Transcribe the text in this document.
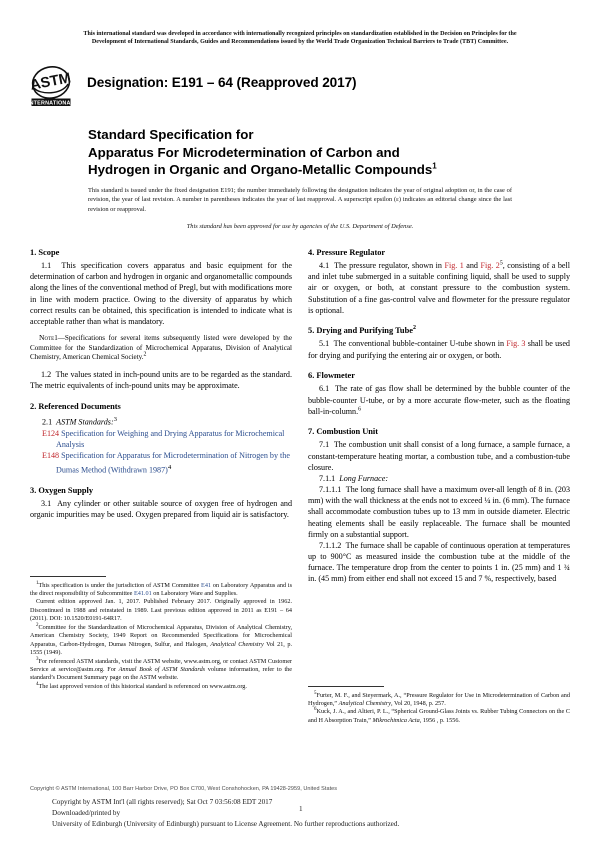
This international standard was developed in accordance with internationally recognized principles on standardization established in the Decision on Principles for the
Development of International Standards, Guides and Recommendations issued by the World Trade Organization Technical Barriers to Trade (TBT) Committee.
ASTM
INTERNATIONAL
Designation: E191 – 64 (Reapproved 2017)
Standard Specification for
Apparatus For Microdetermination of Carbon and
Hydrogen in Organic and Organo-Metallic Compounds$^1$
This standard is issued under the fixed designation E191; the number immediately following the designation indicates the year of original adoption or, in the case of revision, the year of last revision. A number in parentheses indicates the year of last reapproval. A superscript epsilon (ε) indicates an editorial change since the last revision or reapproval.
This standard has been approved for use by agencies of the U.S. Department of Defense.
1. Scope

1.1 This specification covers apparatus and basic equipment for the determination of carbon and hydrogen in organic and organometallic compounds along the lines of the conventional method of Pregl, but with modifications more in line with modern practice. Owing to the diversity of apparatus by which correct results can be obtained, this specification is intended to indicate what is acceptable rather than what is mandatory.

Note1—Specifications for several items subsequently listed were developed by the Committee for the Standardization of Microchemical Apparatus, Division of Analytical Chemistry, American Chemical Society.$^2$

1.2 The values stated in inch-pound units are to be regarded as the standard. The metric equivalents of inch-pound units may be approximate.

2. Referenced Documents

2.1 ASTM Standards:$^3$

E124 Specification for Weighing and Drying Apparatus for Microchemical Analysis

E148 Specification for Apparatus for Microdetermination of Nitrogen by the Dumas Method (Withdrawn 1987)$^4$

3. Oxygen Supply

3.1 Any cylinder or other suitable source of oxygen free of hydrogen and organic impurities may be used. Oxygen prepared from liquid air is satisfactory.

4. Pressure Regulator

4.1 The pressure regulator, shown in Fig. 1 and Fig. $2^5$, consisting of a bell and inlet tube submerged in a suitable confining liquid, shall be used to supply air or oxygen, or both, at constant pressure to the combustion system. Substitution of a fine gas-control valve and flowmeter for the pressure regulator is optional.

5. Drying and Purifying Tube$^2$

5.1 The conventional bubble-container U-tube shown in Fig. 3 shall be used for drying and purifying the entering air or oxygen, or both.

6. Flowmeter

6.1 The rate of gas flow shall be determined by the bubble counter of the bubble-counter U-tube, or by a more accurate flow-meter, such as the floating ball-in-column.$^6$

7. Combustion Unit

7.1 The combustion unit shall consist of a long furnace, a sample furnace, a constant-temperature heating mortar, a combustion tube, and a combustion-tube closure.

7.1.1 Long Furnace:

7.1.1.1 The long furnace shall have a maximum over-all length of 8 in. (203 mm) with the wall thickness at the ends not to exceed ¼ in. (6 mm). The furnace shall accommodate combustion tubes up to 13 mm in outside diameter. Electric heating elements shall be easily replaceable. The furnace shall be mounted firmly on a substantial support.

7.1.1.2 The furnace shall be capable of continuous operation at temperatures up to 900°C as measured inside the combustion tube at the middle of the furnace. The temperature drop from the center to points 1 in. (25 mm) and 1 ¾ in. (45 mm) from either end shall not exceed 15 and 7 %, respectively, based

$^1$This specification is under the jurisdiction of ASTM Committee E41 on Laboratory Apparatus and is the direct responsibility of Subcommittee E41.01 on Laboratory Ware and Supplies.

Current edition approved Jan. 1, 2017. Published February 2017. Originally approved in 1962. Discontinued in 1988 and reinstated in 1989. Last previous edition approved in 2011 as E191 – 64 (2011). DOI: 10.1520/E0191-64R17.

$^2$Committee for the Standardization of Microchemical Apparatus, Division of Analytical Chemistry, American Chemistry Society, 1949 Report on Recommended Specifications for Microchemical Apparatus, Carbon-Hydrogen, Dumas Nitrogen, Sulfur, and Halogen, Analytical Chemistry Vol 21, p. 1555 (1949).

$^3$For referenced ASTM standards, visit the ASTM website, www.astm.org, or contact ASTM Customer Service at service@astm.org. For Annual Book of ASTM Standards volume information, refer to the standard’s Document Summary page on the ASTM website.

$^4$The last approved version of this historical standard is referenced on www.astm.org.

$^5$Furter, M. F., and Steyermark, A., “Pressure Regulator for Use in Microdetermination of Carbon and Hydrogen,” Analytical Chemistry, Vol 20, 1948, p. 257.

$^6$Kuck, J. A., and Altieri, P. L., “Spherical Ground-Glass Joints vs. Rubber Tubing Connectors on the C and H Absorption Train,” Mikrochimica Acta, 1956 , p. 1556.

Copyright © ASTM International, 100 Barr Harbor Drive, PO Box C700, West Conshohocken, PA 19428-2959, United States
Copyright by ASTM Int'l (all rights reserved); Sat Oct 7 03:56:08 EDT 2017
Downloaded/printed by
University of Edinburgh (University of Edinburgh) pursuant to License Agreement. No further reproductions authorized.
1
